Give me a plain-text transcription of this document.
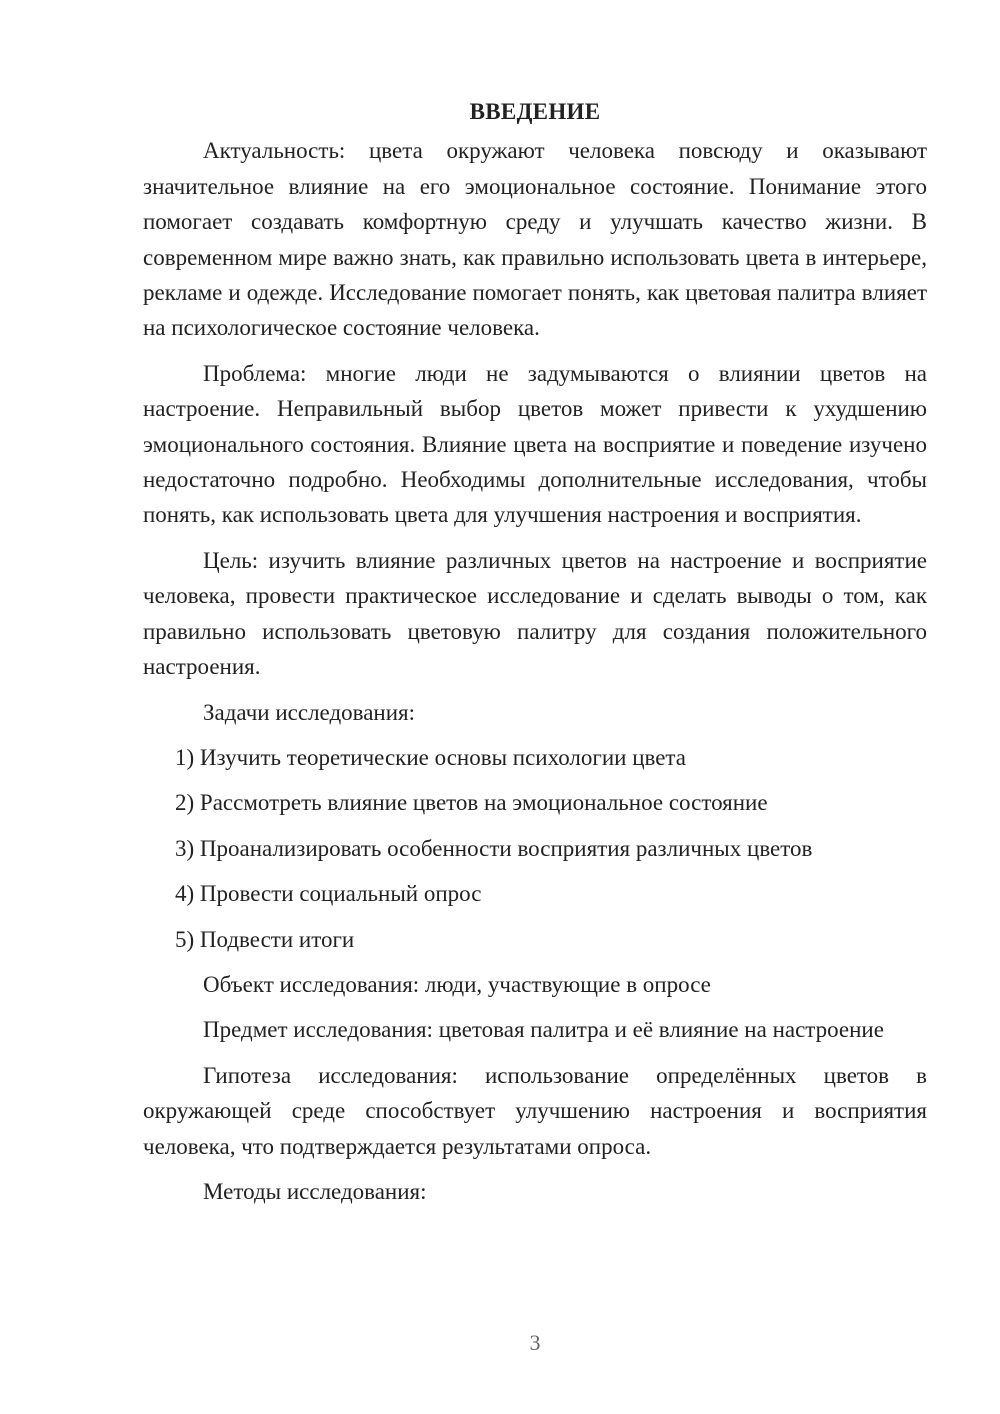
ВВЕДЕНИЕ

Актуальность: цвета окружают человека повсюду и оказывают значительное влияние на его эмоциональное состояние. Понимание этого помогает создавать комфортную среду и улучшать качество жизни. В современном мире важно знать, как правильно использовать цвета в интерьере, рекламе и одежде. Исследование помогает понять, как цветовая палитра влияет на психологическое состояние человека.

Проблема: многие люди не задумываются о влиянии цветов на настроение. Неправильный выбор цветов может привести к ухудшению эмоционального состояния. Влияние цвета на восприятие и поведение изучено недостаточно подробно. Необходимы дополнительные исследования, чтобы понять, как использовать цвета для улучшения настроения и восприятия.

Цель: изучить влияние различных цветов на настроение и восприятие человека, провести практическое исследование и сделать выводы о том, как правильно использовать цветовую палитру для создания положительного настроения.

Задачи исследования:

1) Изучить теоретические основы психологии цвета
2) Рассмотреть влияние цветов на эмоциональное состояние
3) Проанализировать особенности восприятия различных цветов
4) Провести социальный опрос
5) Подвести итоги

Объект исследования: люди, участвующие в опросе

Предмет исследования: цветовая палитра и её влияние на настроение

Гипотеза исследования: использование определённых цветов в окружающей среде способствует улучшению настроения и восприятия человека, что подтверждается результатами опроса.

Методы исследования:

3
